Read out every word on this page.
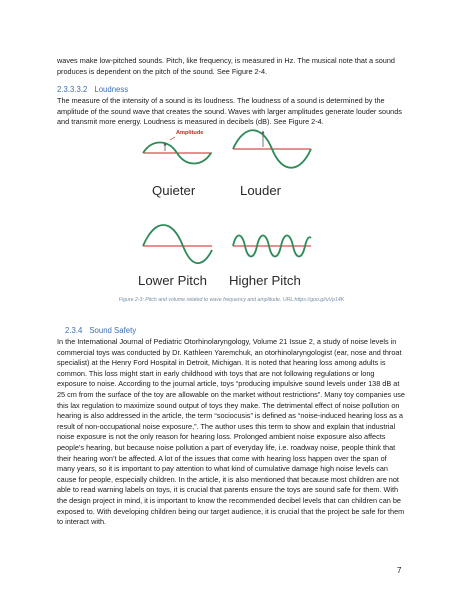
waves make low-pitched sounds. Pitch, like frequency, is measured in Hz. The musical note that a sound produces is dependent on the pitch of the sound. See Figure 2-4.

2.3.3.3.2 Loudness

The measure of the intensity of a sound is its loudness. The loudness of a sound is determined by the amplitude of the sound wave that creates the sound. Waves with larger amplitudes generate louder sounds and transmit more energy. Loudness is measured in decibels (dB). See Figure 2-4.

Amplitude
Quieter	Louder
Lower Pitch Higher Pitch
Figure 2-3: Pitch and volume related to wave frequency and amplitude. URL:https://goo.gl/uVp14K
2.3.4 Sound Safety

In the International Journal of Pediatric Otorhinolaryngology, Volume 21 Issue 2, a study of noise levels in commercial toys was conducted by Dr. Kathleen Yaremchuk, an otorhinolaryngologist (ear, nose and throat specialist) at the Henry Ford Hospital in Detroit, Michigan. It is noted that hearing loss among adults is common. This loss might start in early childhood with toys that are not following regulations or long exposure to noise. According to the journal article, toys “producing impulsive sound levels under 138 dB at 25 cm from the surface of the toy are allowable on the market without restrictions”. Many toy companies use this lax regulation to maximize sound output of toys they make. The detrimental effect of noise pollution on hearing is also addressed in the article, the term “sociocusis” is defined as “noise-induced hearing loss as a result of non-occupational noise exposure,”. The author uses this term to show and explain that industrial noise exposure is not the only reason for hearing loss. Prolonged ambient noise exposure also affects people’s hearing, but because noise pollution a part of everyday life, i.e. roadway noise, people think that their hearing won’t be affected. A lot of the issues that come with hearing loss happen over the span of many years, so it is important to pay attention to what kind of cumulative damage high noise levels can cause for people, especially children. In the article, it is also mentioned that because most children are not able to read warning labels on toys, it is crucial that parents ensure the toys are sound safe for them. With the design project in mind, it is important to know the recommended decibel levels that can children can be exposed to. With developing children being our target audience, it is crucial that the project be safe for them to interact with.

7
